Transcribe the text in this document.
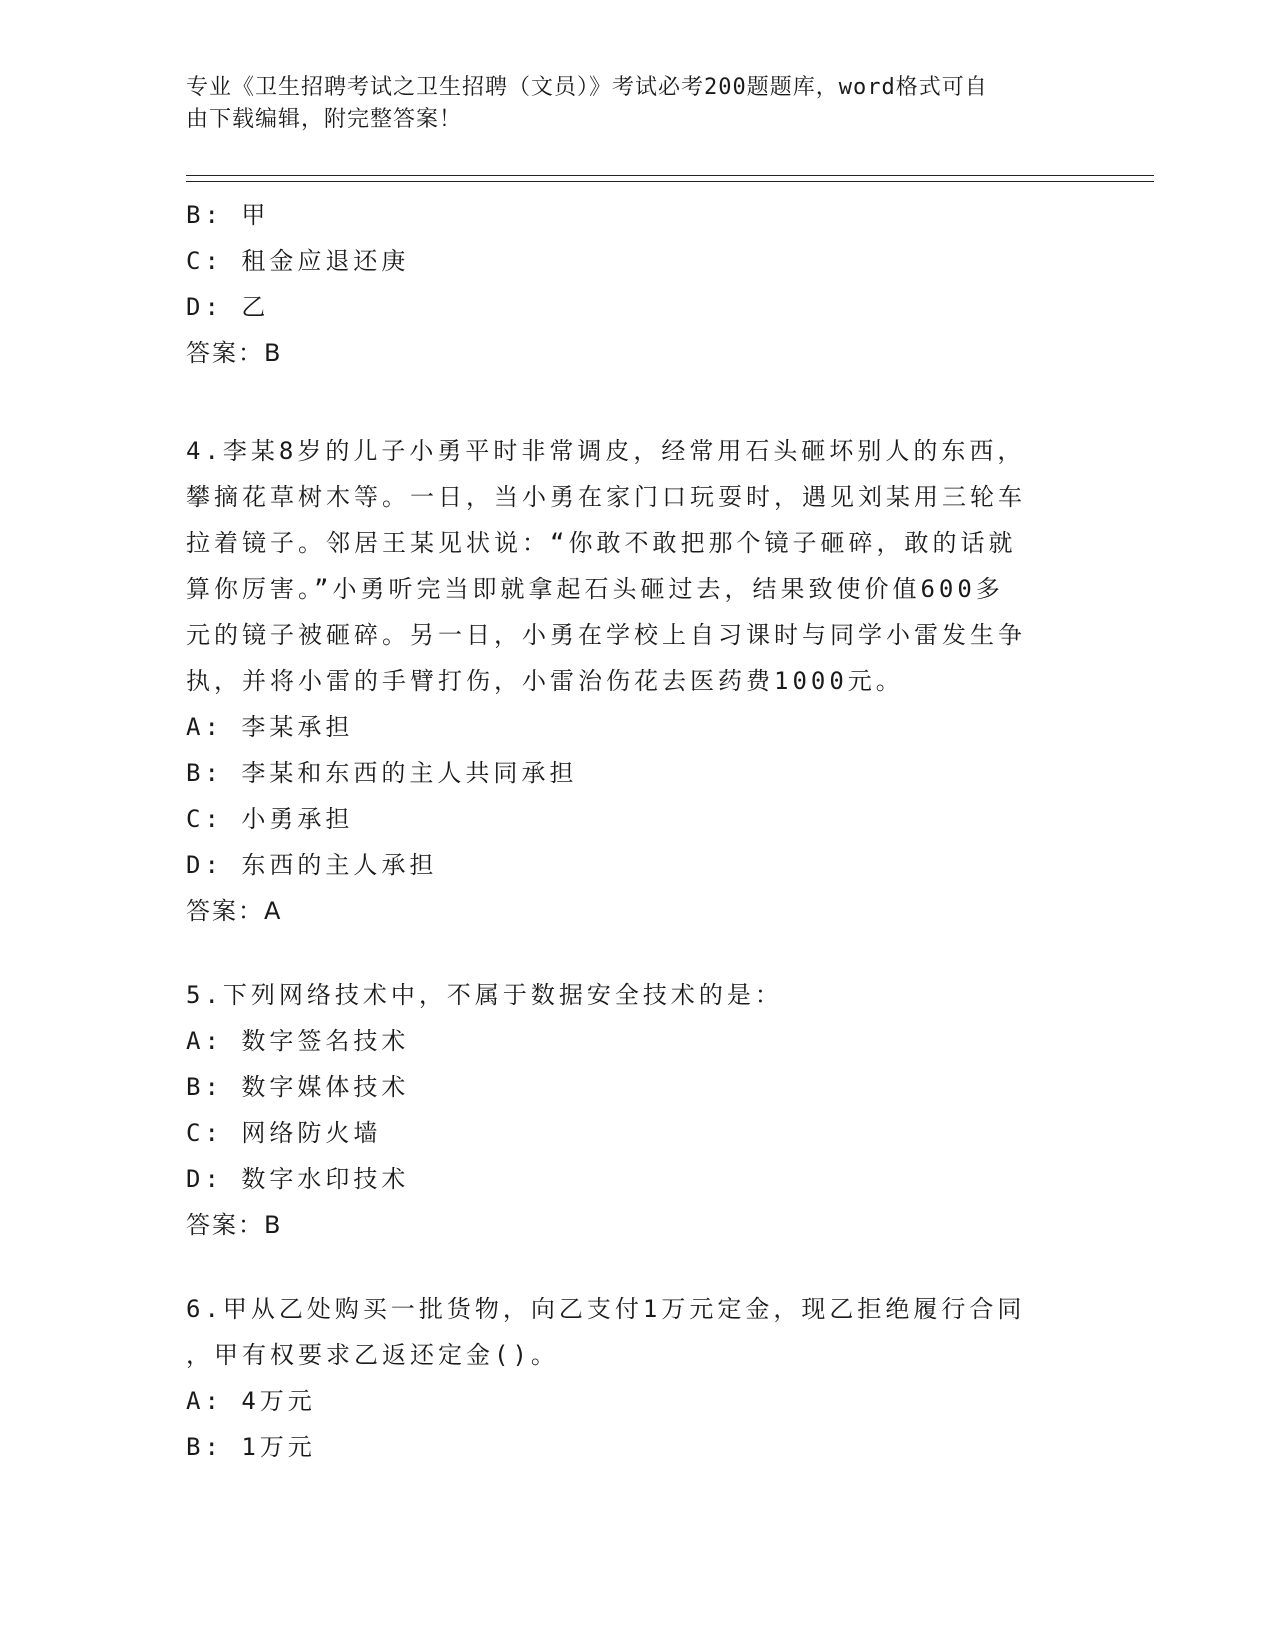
专业《卫生招聘考试之卫生招聘（文员）》考试必考200题题库，word格式可自
由下载编辑，附完整答案！
B: 甲
C: 租金应退还庚
D: 乙
答案：B
4.李某8岁的儿子小勇平时非常调皮，经常用石头砸坏别人的东西，
攀摘花草树木等。一日，当小勇在家门口玩耍时，遇见刘某用三轮车
拉着镜子。邻居王某见状说：“你敢不敢把那个镜子砸碎，敢的话就
算你厉害。”小勇听完当即就拿起石头砸过去，结果致使价值600多
元的镜子被砸碎。另一日，小勇在学校上自习课时与同学小雷发生争
执，并将小雷的手臂打伤，小雷治伤花去医药费1000元。
A: 李某承担
B: 李某和东西的主人共同承担
C: 小勇承担
D: 东西的主人承担
答案：A
5.下列网络技术中，不属于数据安全技术的是：
A: 数字签名技术
B: 数字媒体技术
C: 网络防火墙
D: 数字水印技术
答案：B
6.甲从乙处购买一批货物，向乙支付1万元定金，现乙拒绝履行合同
，甲有权要求乙返还定金()。
A: 4万元
B: 1万元
